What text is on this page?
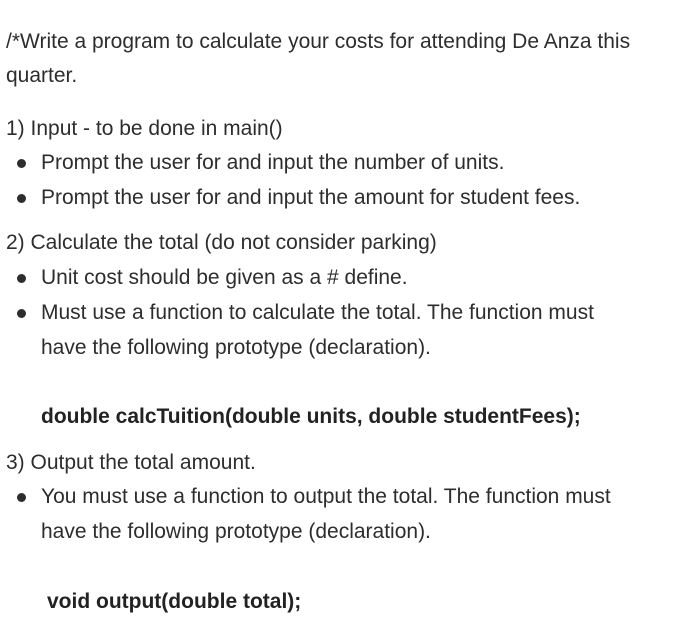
/*Write a program to calculate your costs for attending De Anza this
quarter.
1) Input - to be done in main()
Prompt the user for and input the number of units.
Prompt the user for and input the amount for student fees.
2) Calculate the total (do not consider parking)
Unit cost should be given as a # define.
Must use a function to calculate the total. The function must
have the following prototype (declaration).
double calcTuition(double units, double studentFees);
3) Output the total amount.
You must use a function to output the total. The function must
have the following prototype (declaration).
void output(double total);
